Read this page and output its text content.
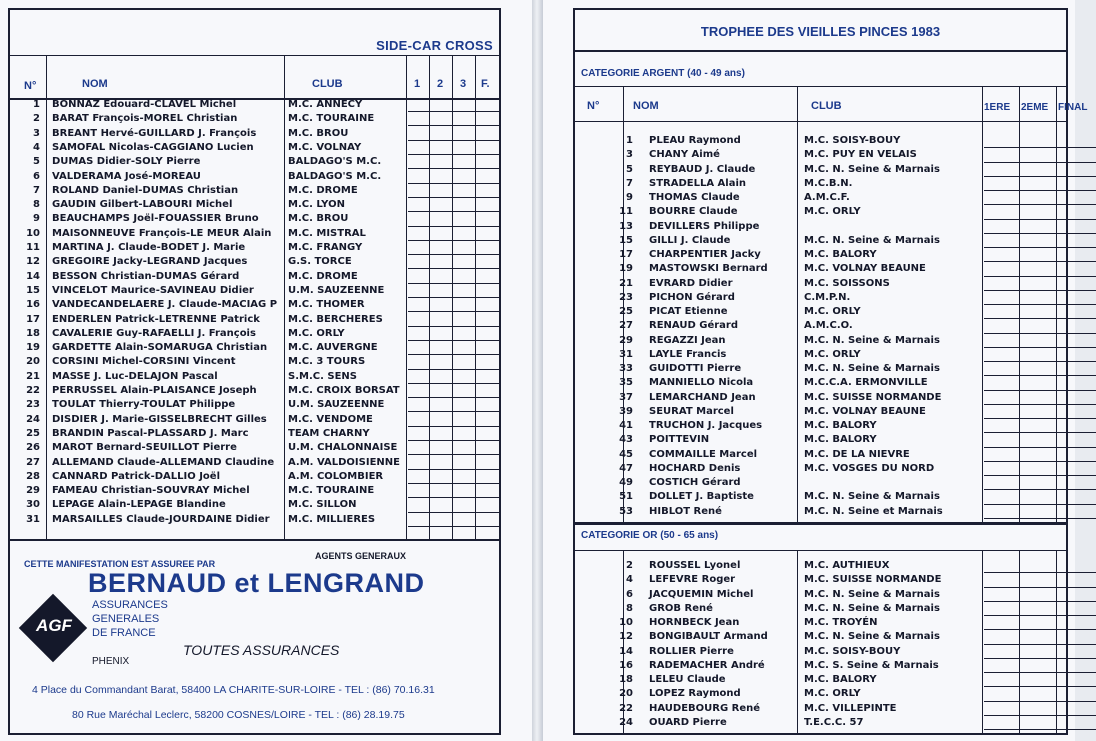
SIDE-CAR CROSS
N°	NOM	CLUB	1 2 3 F.
1 BONNAZ Edouard-CLAVEL Michel	M.C. ANNECY
2 BARAT François-MOREL Christian	M.C. TOURAINE
3 BREANT Hervé-GUILLARD J. François	M.C. BROU
4 SAMOFAL Nicolas-CAGGIANO Lucien	M.C. VOLNAY
5 DUMAS Didier-SOLY Pierre	BALDAGO'S M.C.
6 VALDERAMA José-MOREAU	BALDAGO'S M.C.
7 ROLAND Daniel-DUMAS Christian	M.C. DROME
8 GAUDIN Gilbert-LABOURI Michel	M.C. LYON
9 BEAUCHAMPS Joël-FOUASSIER Bruno	M.C. BROU
10 MAISONNEUVE François-LE MEUR Alain	M.C. MISTRAL
11 MARTINA J. Claude-BODET J. Marie	M.C. FRANGY
12 GREGOIRE Jacky-LEGRAND Jacques	G.S. TORCE
14 BESSON Christian-DUMAS Gérard	M.C. DROME
15 VINCELOT Maurice-SAVINEAU Didier	U.M. SAUZEENNE
16 VANDECANDELAERE J. Claude-MACIAG P	M.C. THOMER
17 ENDERLEN Patrick-LETRENNE Patrick	M.C. BERCHERES
18 CAVALERIE Guy-RAFAELLI J. François	M.C. ORLY
19 GARDETTE Alain-SOMARUGA Christian	M.C. AUVERGNE
20 CORSINI Michel-CORSINI Vincent	M.C. 3 TOURS
21 MASSE J. Luc-DELAJON Pascal	S.M.C. SENS
22 PERRUSSEL Alain-PLAISANCE Joseph	M.C. CROIX BORSAT
23 TOULAT Thierry-TOULAT Philippe	U.M. SAUZEENNE
24 DISDIER J. Marie-GISSELBRECHT Gilles	M.C. VENDOME
25 BRANDIN Pascal-PLASSARD J. Marc	TEAM CHARNY
26 MAROT Bernard-SEUILLOT Pierre	U.M. CHALONNAISE
27 ALLEMAND Claude-ALLEMAND Claudine	A.M. VALDOISIENNE
28 CANNARD Patrick-DALLIO Joël	A.M. COLOMBIER
29 FAMEAU Christian-SOUVRAY Michel	M.C. TOURAINE
30 LEPAGE Alain-LEPAGE Blandine	M.C. SILLON
31 MARSAILLES Claude-JOURDAINE Didier	M.C. MILLIERES
CETTE MANIFESTATION EST ASSUREE PAR
AGENTS GENERAUX
BERNAUD et LENGRAND
AGF
ASSURANCES
GENERALES
DE FRANCE
PHENIX
TOUTES ASSURANCES
4 Place du Commandant Barat, 58400 LA CHARITE-SUR-LOIRE - TEL : (86) 70.16.31
80 Rue Maréchal Leclerc, 58200 COSNES/LOIRE - TEL : (86) 28.19.75
TROPHEE DES VIEILLES PINCES 1983
CATEGORIE ARGENT (40 - 49 ans)
N°	NOM	CLUB	1ERE 2EME FINAL
1 PLEAU Raymond	M.C. SOISY-BOUY
3 CHANY Aimé	M.C. PUY EN VELAIS
5 REYBAUD J. Claude	M.C. N. Seine & Marnais
7 STRADELLA Alain	M.C.B.N.
9 THOMAS Claude	A.M.C.F.
11 BOURRE Claude	M.C. ORLY
13 DEVILLERS Philippe
15 GILLI J. Claude	M.C. N. Seine & Marnais
17 CHARPENTIER Jacky	M.C. BALORY
19 MASTOWSKI Bernard	M.C. VOLNAY BEAUNE
21 EVRARD Didier	M.C. SOISSONS
23 PICHON Gérard	C.M.P.N.
25 PICAT Etienne	M.C. ORLY
27 RENAUD Gérard	A.M.C.O.
29 REGAZZI Jean	M.C. N. Seine & Marnais
31 LAYLE Francis	M.C. ORLY
33 GUIDOTTI Pierre	M.C. N. Seine & Marnais
35 MANNIELLO Nicola	M.C.C.A. ERMONVILLE
37 LEMARCHAND Jean	M.C. SUISSE NORMANDE
39 SEURAT Marcel	M.C. VOLNAY BEAUNE
41 TRUCHON J. Jacques	M.C. BALORY
43 POITTEVIN	M.C. BALORY
45 COMMAILLE Marcel	M.C. DE LA NIEVRE
47 HOCHARD Denis	M.C. VOSGES DU NORD
49 COSTICH Gérard
51 DOLLET J. Baptiste	M.C. N. Seine & Marnais
53 HIBLOT René	M.C. N. Seine et Marnais
CATEGORIE OR (50 - 65 ans)
2 ROUSSEL Lyonel	M.C. AUTHIEUX
4 LEFEVRE Roger	M.C. SUISSE NORMANDE
6 JACQUEMIN Michel	M.C. N. Seine & Marnais
8 GROB René	M.C. N. Seine & Marnais
10 HORNBECK Jean	M.C. TROYÉN
12 BONGIBAULT Armand	M.C. N. Seine & Marnais
14 ROLLIER Pierre	M.C. SOISY-BOUY
16 RADEMACHER André	M.C. S. Seine & Marnais
18 LELEU Claude	M.C. BALORY
20 LOPEZ Raymond	M.C. ORLY
22 HAUDEBOURG René	M.C. VILLEPINTE
24 OUARD Pierre	T.E.C.C. 57
